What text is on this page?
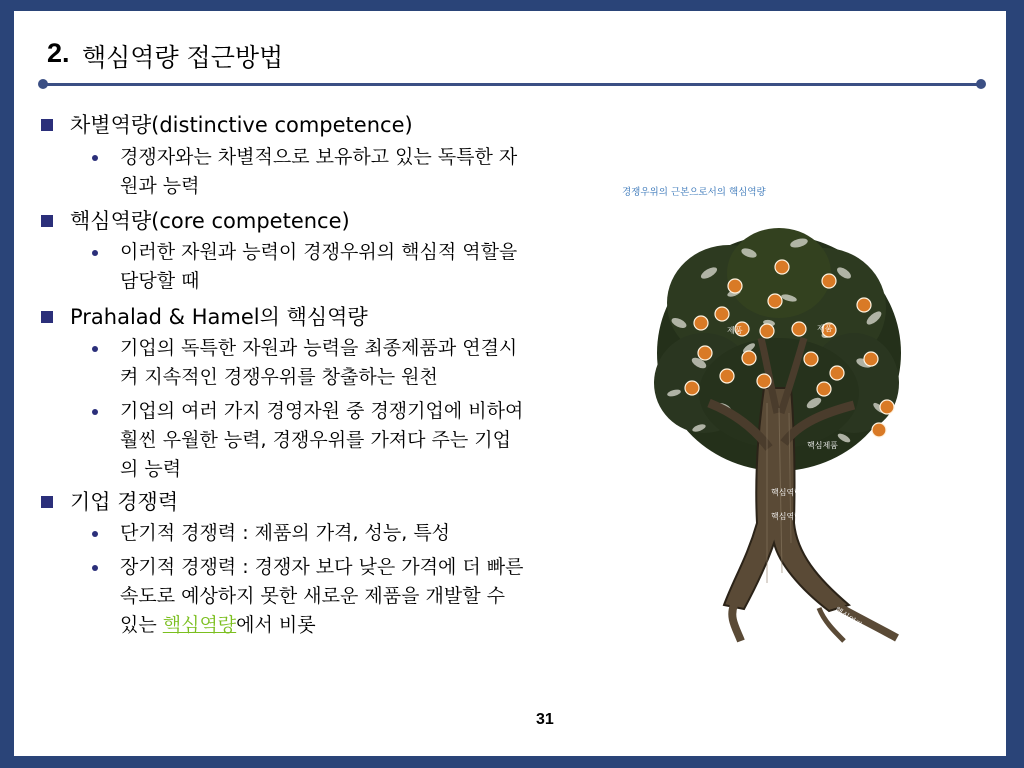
2. 핵심역량 접근방법
차별역량(distinctive competence)
경쟁자와는 차별적으로 보유하고 있는 독특한 자
원과 능력
핵심역량(core competence)
이러한 자원과 능력이 경쟁우위의 핵심적 역할을
담당할 때
Prahalad & Hamel의 핵심역량
기업의 독특한 자원과 능력을 최종제품과 연결시
켜 지속적인 경쟁우위를 창출하는 원천
기업의 여러 가지 경영자원 중 경쟁기업에 비하여
훨씬 우월한 능력, 경쟁우위를 가져다 주는 기업
의 능력
기업 경쟁력
단기적 경쟁력 : 제품의 가격, 성능, 특성
장기적 경쟁력 : 경쟁자 보다 낮은 가격에 더 빠른
속도로 예상하지 못한 새로운 제품을 개발할 수
있는 핵심역량에서 비롯
경쟁우위의 근본으로서의 핵심역량
제품	제품
제품
핵심제품
핵심역량1
핵심역량2
핵심역량
31
